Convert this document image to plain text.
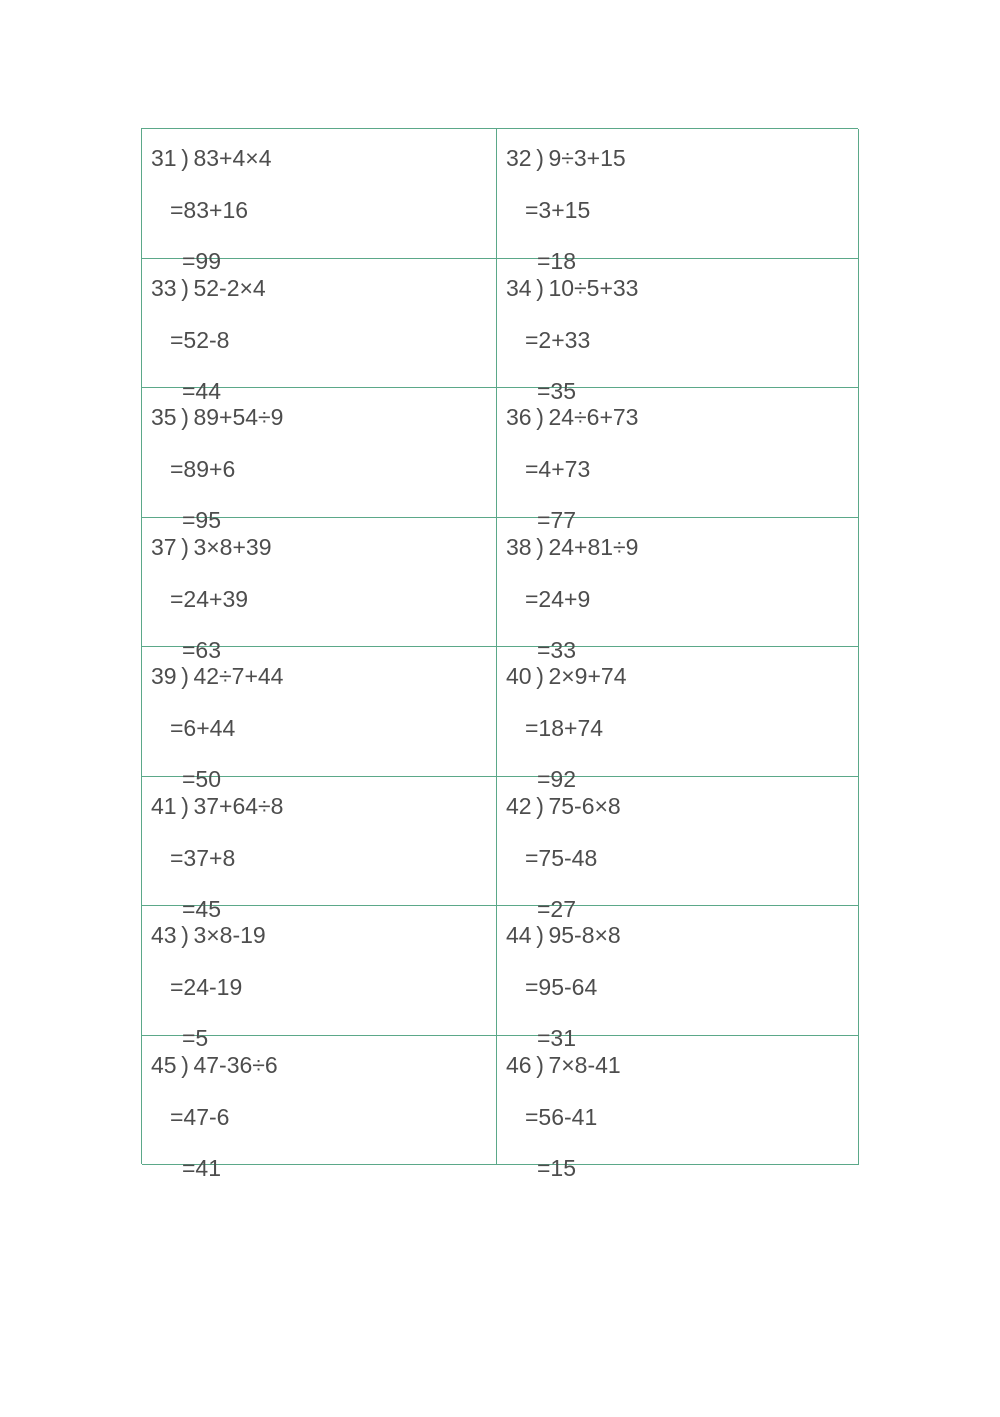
31 ) 83+4×4
=83+16
=99
32 ) 9÷3+15
=3+15
=18
33 ) 52-2×4
=52-8
=44
34 ) 10÷5+33
=2+33
=35
35 ) 89+54÷9
=89+6
=95
36 ) 24÷6+73
=4+73
=77
37 ) 3×8+39
=24+39
=63
38 ) 24+81÷9
=24+9
=33
39 ) 42÷7+44
=6+44
=50
40 ) 2×9+74
=18+74
=92
41 ) 37+64÷8
=37+8
=45
42 ) 75-6×8
=75-48
=27
43 ) 3×8-19
=24-19
=5
44 ) 95-8×8
=95-64
=31
45 ) 47-36÷6
=47-6
=41
46 ) 7×8-41
=56-41
=15
